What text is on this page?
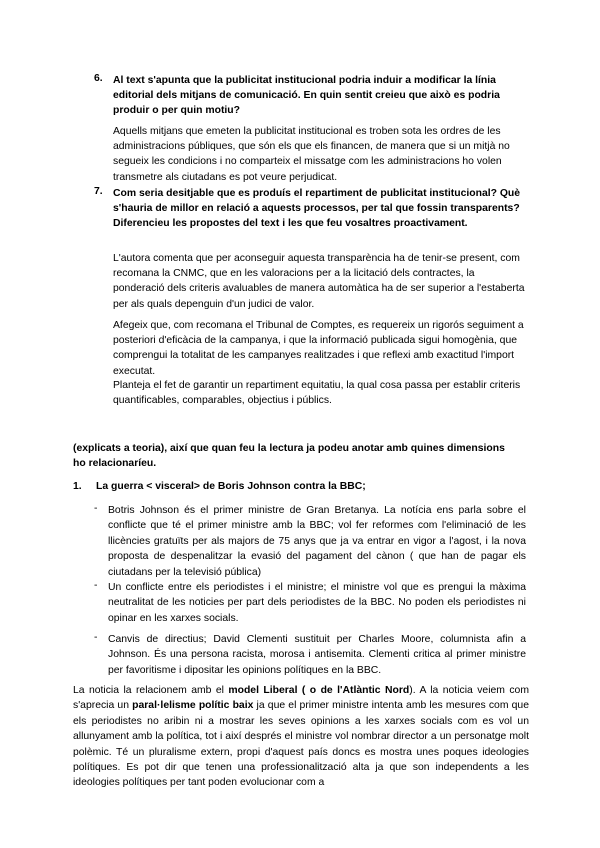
6. Al text s'apunta que la publicitat institucional podria induir a modificar la línia editorial dels mitjans de comunicació. En quin sentit creieu que això es podria produir o per quin motiu?
Aquells mitjans que emeten la publicitat institucional es troben sota les ordres de les administracions públiques, que són els que els financen, de manera que si un mitjà no segueix les condicions i no comparteix el missatge com les administracions ho volen transmetre als ciutadans es pot veure perjudicat.
7. Com seria desitjable que es produís el repartiment de publicitat institucional? Què s'hauria de millor en relació a aquests processos, per tal que fossin transparents? Diferencieu les propostes del text i les que feu vosaltres proactivament.
L'autora comenta que per aconseguir aquesta transparència ha de tenir-se present, com recomana la CNMC, que en les valoracions per a la licitació dels contractes, la ponderació dels criteris avaluables de manera automàtica ha de ser superior a l'estaberta per als quals depenguin d'un judici de valor.
Afegeix que, com recomana el Tribunal de Comptes, es requereix un rigorós seguiment a posteriori d'eficàcia de la campanya, i que la informació publicada sigui homogènia, que comprengui la totalitat de les campanyes realitzades i que reflexi amb exactitud l'import executat.
Planteja el fet de garantir un repartiment equitatiu, la qual cosa passa per establir criteris quantificables, comparables, objectius i públics.
(explicats a teoria), així que quan feu la lectura ja podeu anotar amb quines dimensions ho relacionaríeu.
1. La guerra < visceral> de Boris Johnson contra la BBC;
- Botris Johnson és el primer ministre de Gran Bretanya. La notícia ens parla sobre el conflicte que té el primer ministre amb la BBC; vol fer reformes com l'eliminació de les llicències gratuïts per als majors de 75 anys que ja va entrar en vigor a l'agost, i la nova proposta de despenalitzar la evasió del pagament del cànon ( que han de pagar els ciutadans per la televisió pública)
- Un conflicte entre els periodistes i el ministre; el ministre vol que es prengui la màxima neutralitat de les noticies per part dels periodistes de la BBC. No poden els periodistes ni opinar en les xarxes socials.
- Canvis de directius; David Clementi sustituit per Charles Moore, columnista afin a Johnson. És una persona racista, morosa i antisemita. Clementi critica al primer ministre per favoritisme i dipositar les opinions polítiques en la BBC.
La noticia la relacionem amb el model Liberal ( o de l'Atlàntic Nord). A la noticia veiem com s'aprecia un paral·lelisme polític baix ja que el primer ministre intenta amb les mesures com que els periodistes no aribin ni a mostrar les seves opinions a les xarxes socials com es vol un allunyament amb la política, tot i així després el ministre vol nombrar director a un personatge molt polèmic. Té un pluralisme extern, propi d'aquest país doncs es mostra unes poques ideologies polítiques. Es pot dir que tenen una professionalització alta ja que son independents a les ideologies polítiques per tant poden evolucionar com a
